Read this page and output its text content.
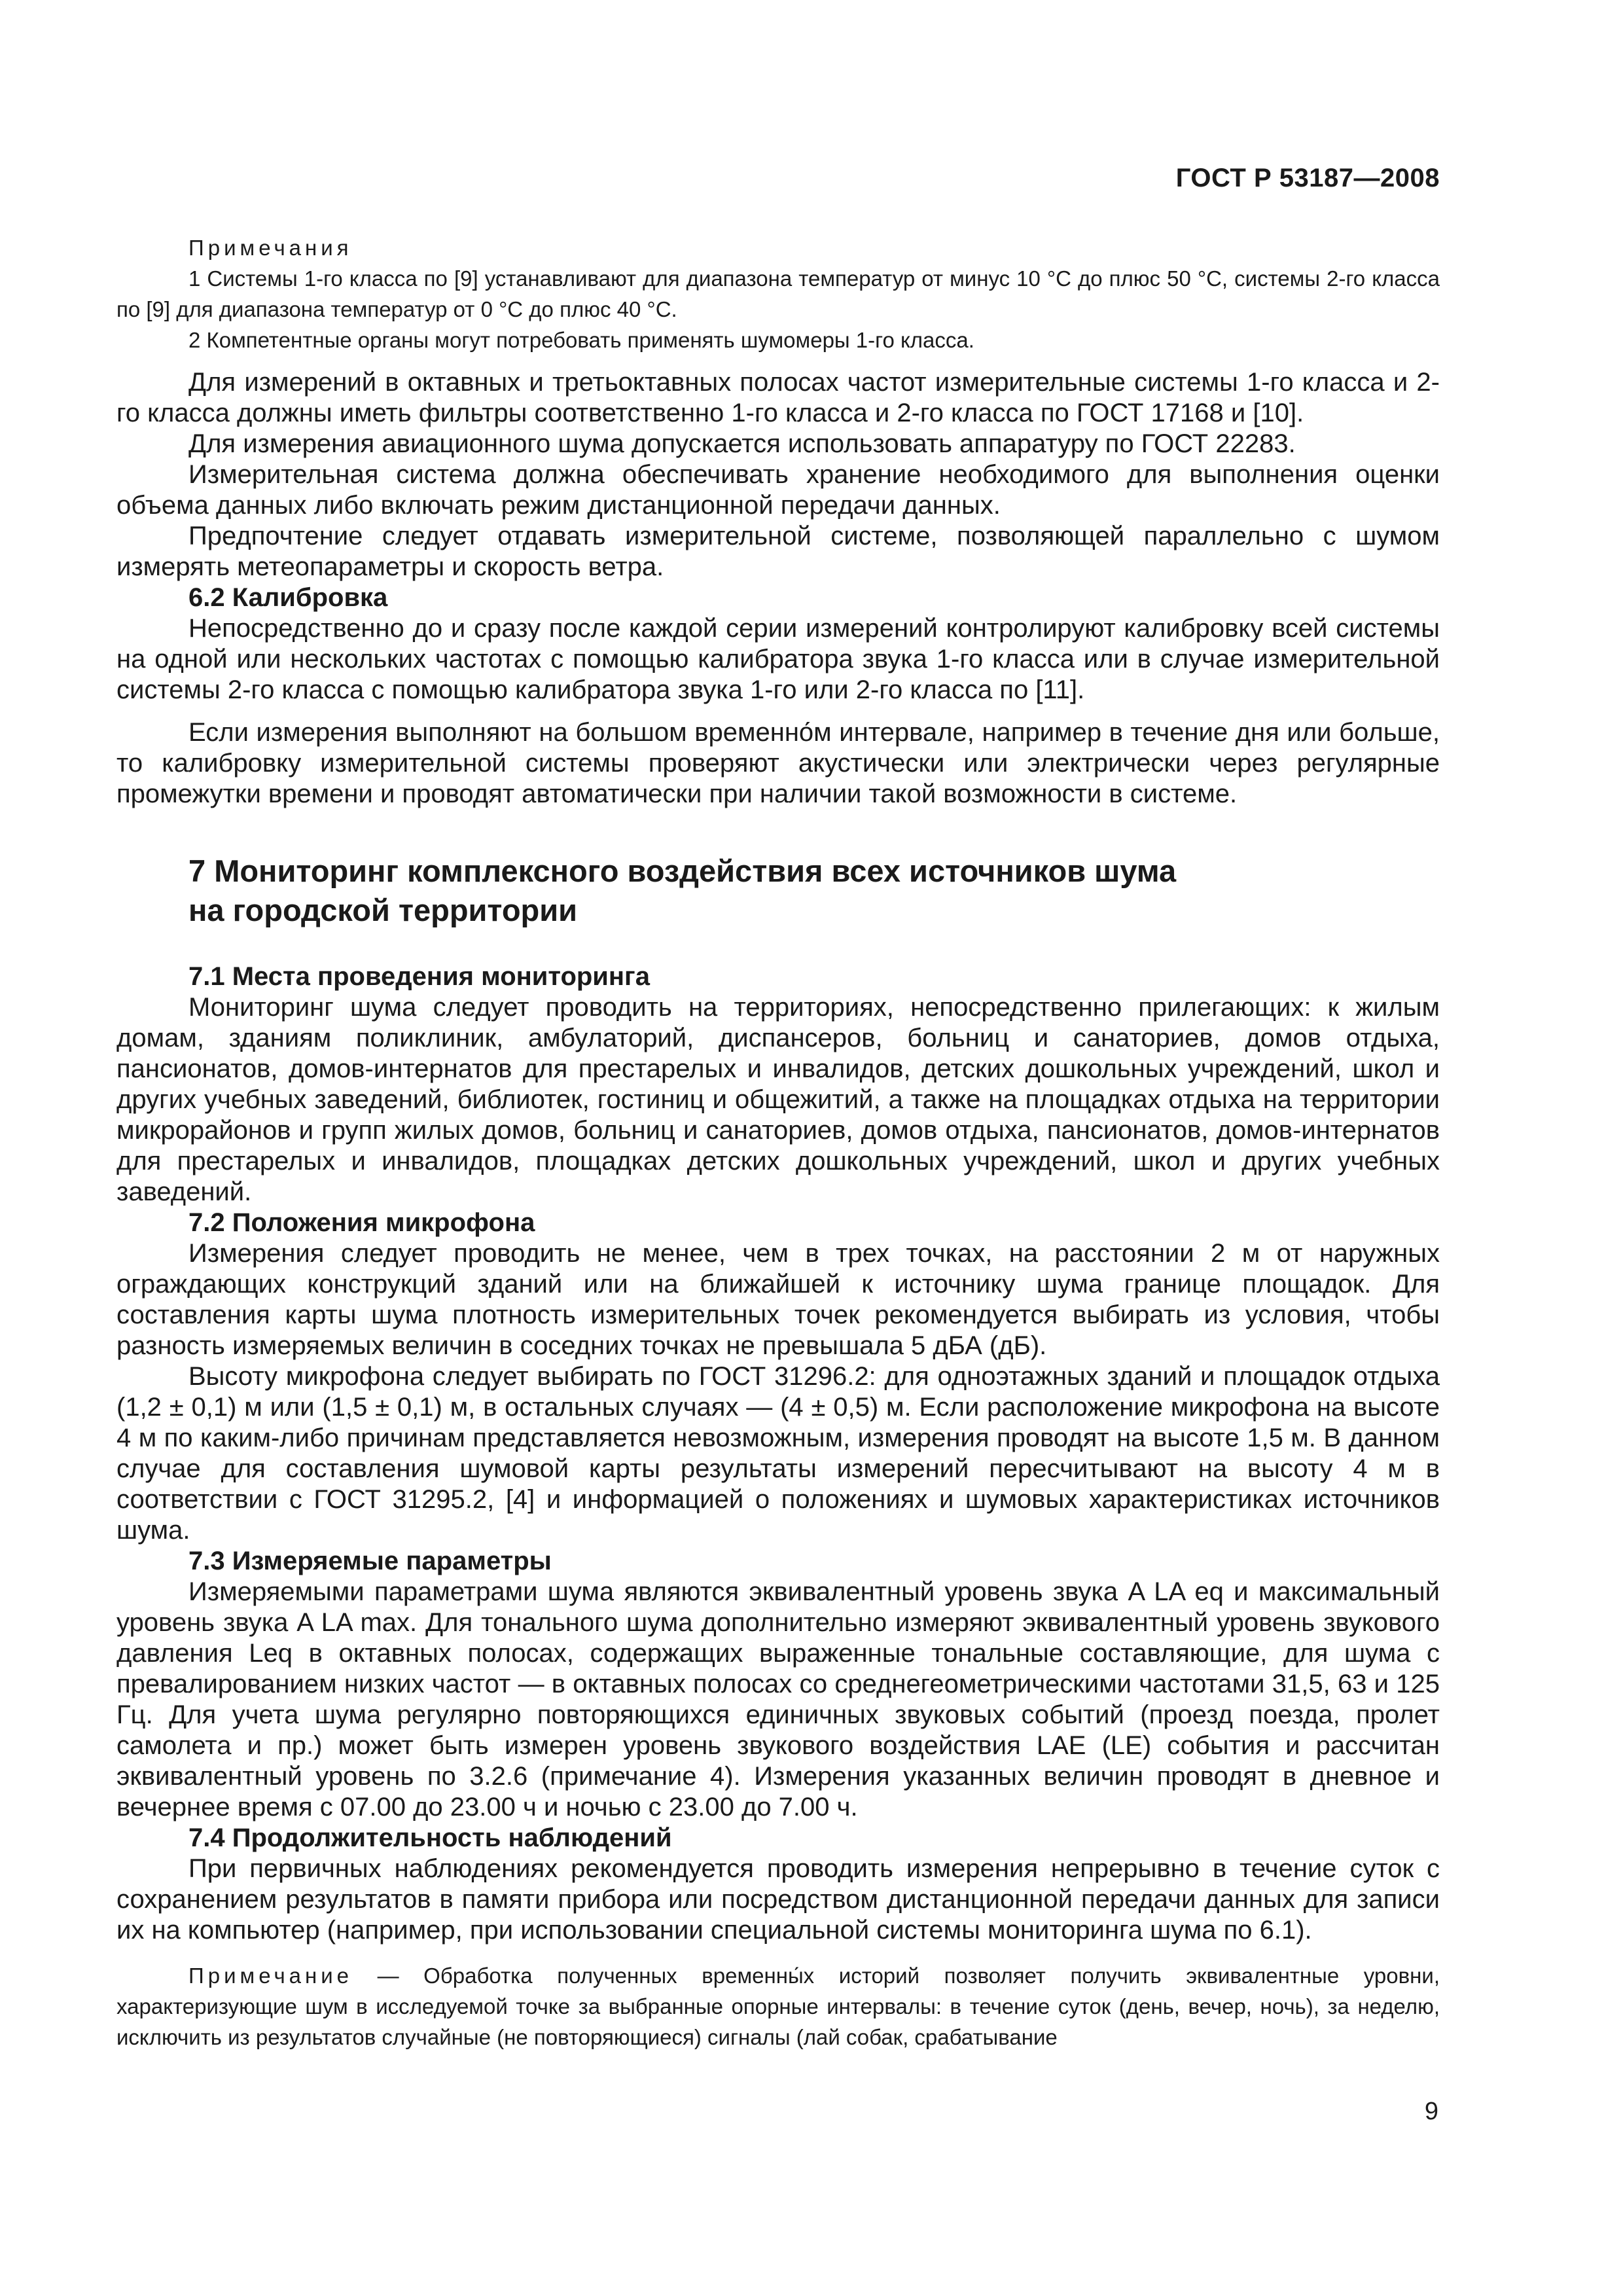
ГОСТ Р 53187—2008

Примечания

1 Системы 1-го класса по [9] устанавливают для диапазона температур от минус 10 °С до плюс 50 °С, системы 2-го класса по [9] для диапазона температур от 0 °С до плюс 40 °С.

2 Компетентные органы могут потребовать применять шумомеры 1-го класса.

Для измерений в октавных и третьоктавных полосах частот измерительные системы 1-го класса и 2-го класса должны иметь фильтры соответственно 1-го класса и 2-го класса по ГОСТ 17168 и [10].

Для измерения авиационного шума допускается использовать аппаратуру по ГОСТ 22283.

Измерительная система должна обеспечивать хранение необходимого для выполнения оценки объема данных либо включать режим дистанционной передачи данных.

Предпочтение следует отдавать измерительной системе, позволяющей параллельно с шумом измерять метеопараметры и скорость ветра.

6.2 Калибровка

Непосредственно до и сразу после каждой серии измерений контролируют калибровку всей системы на одной или нескольких частотах с помощью калибратора звука 1-го класса или в случае измерительной системы 2-го класса с помощью калибратора звука 1-го или 2-го класса по [11].

Если измерения выполняют на большом временно́м интервале, например в течение дня или больше, то калибровку измерительной системы проверяют акустически или электрически через регулярные промежутки времени и проводят автоматически при наличии такой возможности в системе.

7 Мониторинг комплексного воздействия всех источников шума
на городской территории

7.1 Места проведения мониторинга

Мониторинг шума следует проводить на территориях, непосредственно прилегающих: к жилым домам, зданиям поликлиник, амбулаторий, диспансеров, больниц и санаториев, домов отдыха, пансионатов, домов-интернатов для престарелых и инвалидов, детских дошкольных учреждений, школ и других учебных заведений, библиотек, гостиниц и общежитий, а также на площадках отдыха на территории микрорайонов и групп жилых домов, больниц и санаториев, домов отдыха, пансионатов, домов-интернатов для престарелых и инвалидов, площадках детских дошкольных учреждений, школ и других учебных заведений.

7.2 Положения микрофона

Измерения следует проводить не менее, чем в трех точках, на расстоянии 2 м от наружных ограждающих конструкций зданий или на ближайшей к источнику шума границе площадок. Для составления карты шума плотность измерительных точек рекомендуется выбирать из условия, чтобы разность измеряемых величин в соседних точках не превышала 5 дБА (дБ).

Высоту микрофона следует выбирать по ГОСТ 31296.2: для одноэтажных зданий и площадок отдыха (1,2 ± 0,1) м или (1,5 ± 0,1) м, в остальных случаях — (4 ± 0,5) м. Если расположение микрофона на высоте 4 м по каким-либо причинам представляется невозможным, измерения проводят на высоте 1,5 м. В данном случае для составления шумовой карты результаты измерений пересчитывают на высоту 4 м в соответствии с ГОСТ 31295.2, [4] и информацией о положениях и шумовых характеристиках источников шума.

7.3 Измеряемые параметры

Измеряемыми параметрами шума являются эквивалентный уровень звука A LA eq и максимальный уровень звука A LA max. Для тонального шума дополнительно измеряют эквивалентный уровень звукового давления Leq в октавных полосах, содержащих выраженные тональные составляющие, для шума с превалированием низких частот — в октавных полосах со среднегеометрическими частотами 31,5, 63 и 125 Гц. Для учета шума регулярно повторяющихся единичных звуковых событий (проезд поезда, пролет самолета и пр.) может быть измерен уровень звукового воздействия LAE (LE) события и рассчитан эквивалентный уровень по 3.2.6 (примечание 4). Измерения указанных величин проводят в дневное и вечернее время с 07.00 до 23.00 ч и ночью с 23.00 до 7.00 ч.

7.4 Продолжительность наблюдений

При первичных наблюдениях рекомендуется проводить измерения непрерывно в течение суток с сохранением результатов в памяти прибора или посредством дистанционной передачи данных для записи их на компьютер (например, при использовании специальной системы мониторинга шума по 6.1).

Примечание — Обработка полученных временны́х историй позволяет получить эквивалентные уровни, характеризующие шум в исследуемой точке за выбранные опорные интервалы: в течение суток (день, вечер, ночь), за неделю, исключить из результатов случайные (не повторяющиеся) сигналы (лай собак, срабатывание

9
